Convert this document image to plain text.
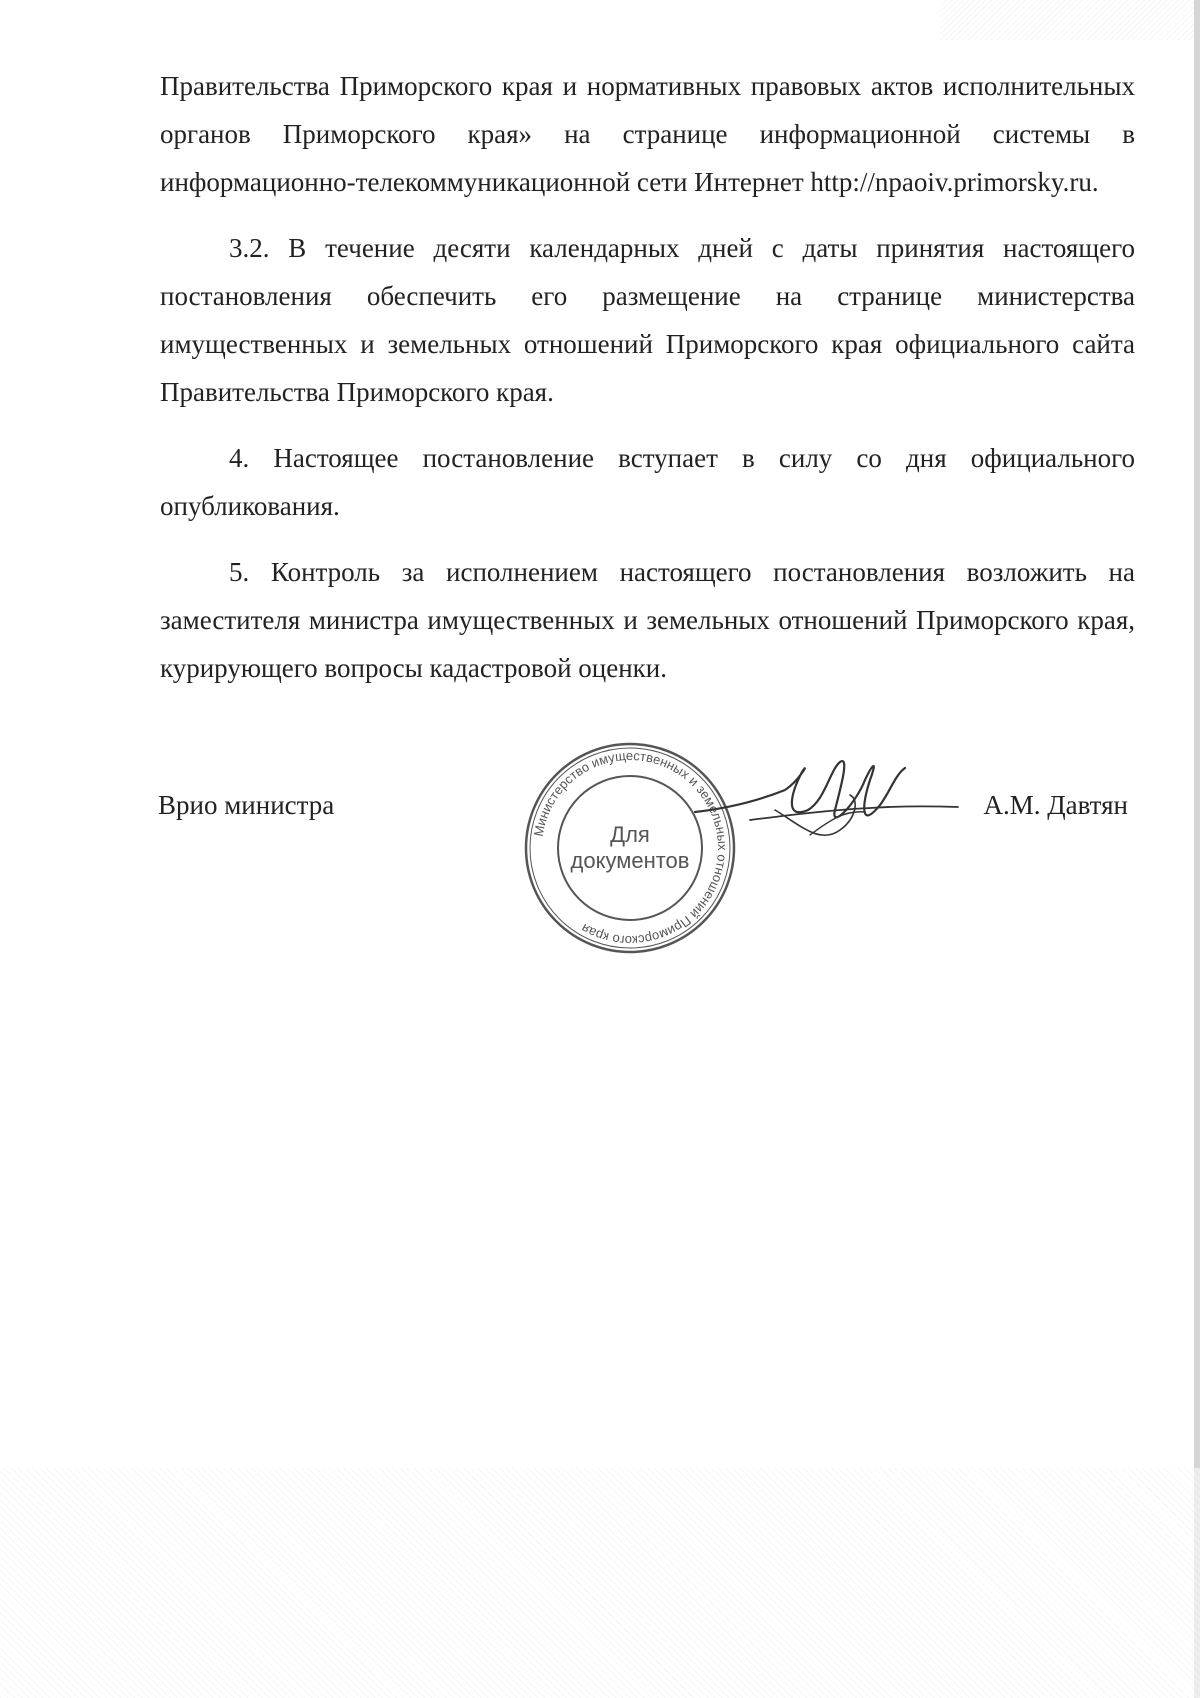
Правительства Приморского края и нормативных правовых актов исполнительных органов Приморского края» на странице информационной системы в информационно-телекоммуникационной сети Интернет http://npaoiv.primorsky.ru.

3.2. В течение десяти календарных дней с даты принятия настоящего постановления обеспечить его размещение на странице министерства имущественных и земельных отношений Приморского края официального сайта Правительства Приморского края.

4. Настоящее постановление вступает в силу со дня официального опубликования.

5. Контроль за исполнением настоящего постановления возложить на заместителя министра имущественных и земельных отношений Приморского края, курирующего вопросы кадастровой оценки.

Врио министра	А.М. Давтян
Министерство имущественных и земельных отношений Приморского края
Для
документов
